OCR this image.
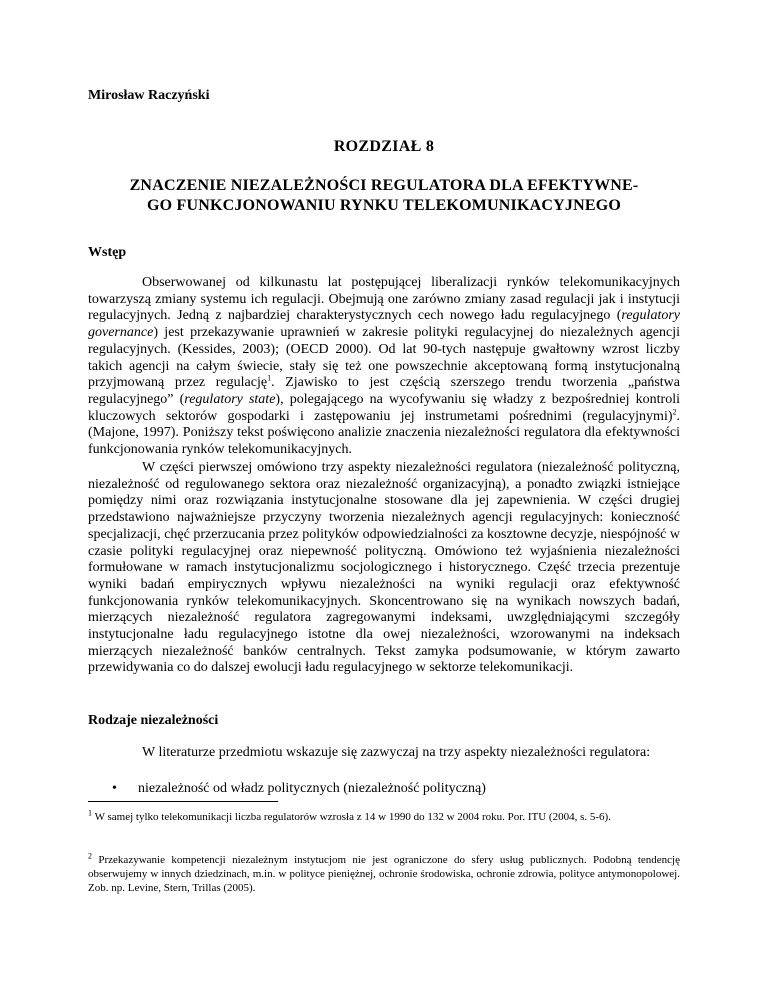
Mirosław Raczyński
ROZDZIAŁ 8
ZNACZENIE NIEZALEŻNOŚCI REGULATORA DLA EFEKTYWNE-
GO FUNKCJONOWANIU RYNKU TELEKOMUNIKACYJNEGO
Wstęp
Obserwowanej od kilkunastu lat postępującej liberalizacji rynków telekomunikacyjnych towarzyszą zmiany systemu ich regulacji. Obejmują one zarówno zmiany zasad regulacji jak i instytucji regulacyjnych. Jedną z najbardziej charakterystycznych cech nowego ładu regulacyjnego (regulatory governance) jest przekazywanie uprawnień w zakresie polityki regulacyjnej do niezależnych agencji regulacyjnych. (Kessides, 2003); (OECD 2000). Od lat 90-tych następuje gwałtowny wzrost liczby takich agencji na całym świecie, stały się też one powszechnie akceptowaną formą instytucjonalną przyjmowaną przez regulację$^1$. Zjawisko to jest częścią szerszego trendu tworzenia „państwa regulacyjnego” (regulatory state), polegającego na wycofywaniu się władzy z bezpośredniej kontroli kluczowych sektorów gospodarki i zastępowaniu jej instrumetami pośrednimi (regulacyjnymi)$^2$. (Majone, 1997). Poniższy tekst poświęcono analizie znaczenia niezależności regulatora dla efektywności funkcjonowania rynków telekomunikacyjnych.
W części pierwszej omówiono trzy aspekty niezależności regulatora (niezależność polityczną, niezależność od regulowanego sektora oraz niezależność organizacyjną), a ponadto związki istniejące pomiędzy nimi oraz rozwiązania instytucjonalne stosowane dla jej zapewnienia. W części drugiej przedstawiono najważniejsze przyczyny tworzenia niezależnych agencji regulacyjnych: konieczność specjalizacji, chęć przerzucania przez polityków odpowiedzialności za kosztowne decyzje, niespójność w czasie polityki regulacyjnej oraz niepewność polityczną. Omówiono też wyjaśnienia niezależności formułowane w ramach instytucjonalizmu socjologicznego i historycznego. Część trzecia prezentuje wyniki badań empirycznych wpływu niezależności na wyniki regulacji oraz efektywność funkcjonowania rynków telekomunikacyjnych. Skoncentrowano się na wynikach nowszych badań, mierzących niezależność regulatora zagregowanymi indeksami, uwzględniającymi szczegóły instytucjonalne ładu regulacyjnego istotne dla owej niezależności, wzorowanymi na indeksach mierzących niezależność banków centralnych. Tekst zamyka podsumowanie, w którym zawarto przewidywania co do dalszej ewolucji ładu regulacyjnego w sektorze telekomunikacji.
Rodzaje niezależności
W literaturze przedmiotu wskazuje się zazwyczaj na trzy aspekty niezależności regulatora:
• niezależność od władz politycznych (niezależność polityczną)
$^1$ W samej tylko telekomunikacji liczba regulatorów wzrosła z 14 w 1990 do 132 w 2004 roku. Por. ITU (2004, s. 5-6).
$^2$ Przekazywanie kompetencji niezależnym instytucjom nie jest ograniczone do sfery usług publicznych. Podobną tendencję obserwujemy w innych dziedzinach, m.in. w polityce pieniężnej, ochronie środowiska, ochronie zdrowia, polityce antymonopolowej. Zob. np. Levine, Stern, Trillas (2005).
